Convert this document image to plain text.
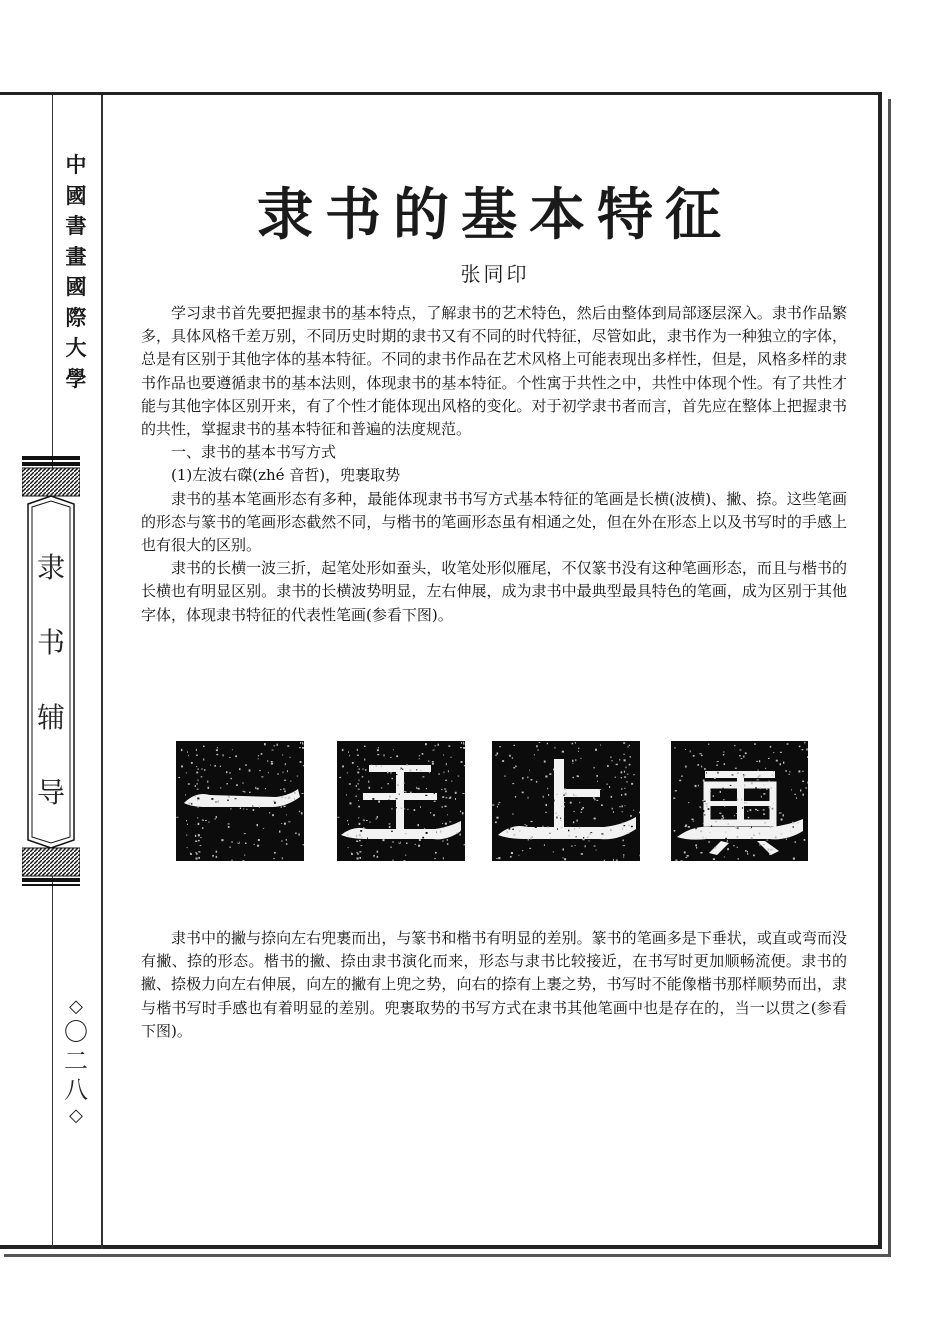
中
國
書
畫
國
際
大
學
隶
书
辅
导
◇
〇
二
八
◇
隶书的基本特征
张同印

学习隶书首先要把握隶书的基本特点，了解隶书的艺术特色，然后由整体到局部逐层深入。隶书作品繁多，具体风格千差万别，不同历史时期的隶书又有不同的时代特征，尽管如此，隶书作为一种独立的字体，总是有区别于其他字体的基本特征。不同的隶书作品在艺术风格上可能表现出多样性，但是，风格多样的隶书作品也要遵循隶书的基本法则，体现隶书的基本特征。个性寓于共性之中，共性中体现个性。有了共性才能与其他字体区别开来，有了个性才能体现出风格的变化。对于初学隶书者而言，首先应在整体上把握隶书的共性，掌握隶书的基本特征和普遍的法度规范。

一、隶书的基本书写方式

(1)左波右磔(zhé 音哲)，兜裹取势

隶书的基本笔画形态有多种，最能体现隶书书写方式基本特征的笔画是长横(波横)、撇、捺。这些笔画的形态与篆书的笔画形态截然不同，与楷书的笔画形态虽有相通之处，但在外在形态上以及书写时的手感上也有很大的区别。

隶书的长横一波三折，起笔处形如蚕头，收笔处形似雁尾，不仅篆书没有这种笔画形态，而且与楷书的长横也有明显区别。隶书的长横波势明显，左右伸展，成为隶书中最典型最具特色的笔画，成为区别于其他字体，体现隶书特征的代表性笔画(参看下图)。

隶书中的撇与捺向左右兜裹而出，与篆书和楷书有明显的差别。篆书的笔画多是下垂状，或直或弯而没有撇、捺的形态。楷书的撇、捺由隶书演化而来，形态与隶书比较接近，在书写时更加顺畅流便。隶书的撇、捺极力向左右伸展，向左的撇有上兜之势，向右的捺有上裹之势，书写时不能像楷书那样顺势而出，隶与楷书写时手感也有着明显的差别。兜裹取势的书写方式在隶书其他笔画中也是存在的，当一以贯之(参看下图)。
